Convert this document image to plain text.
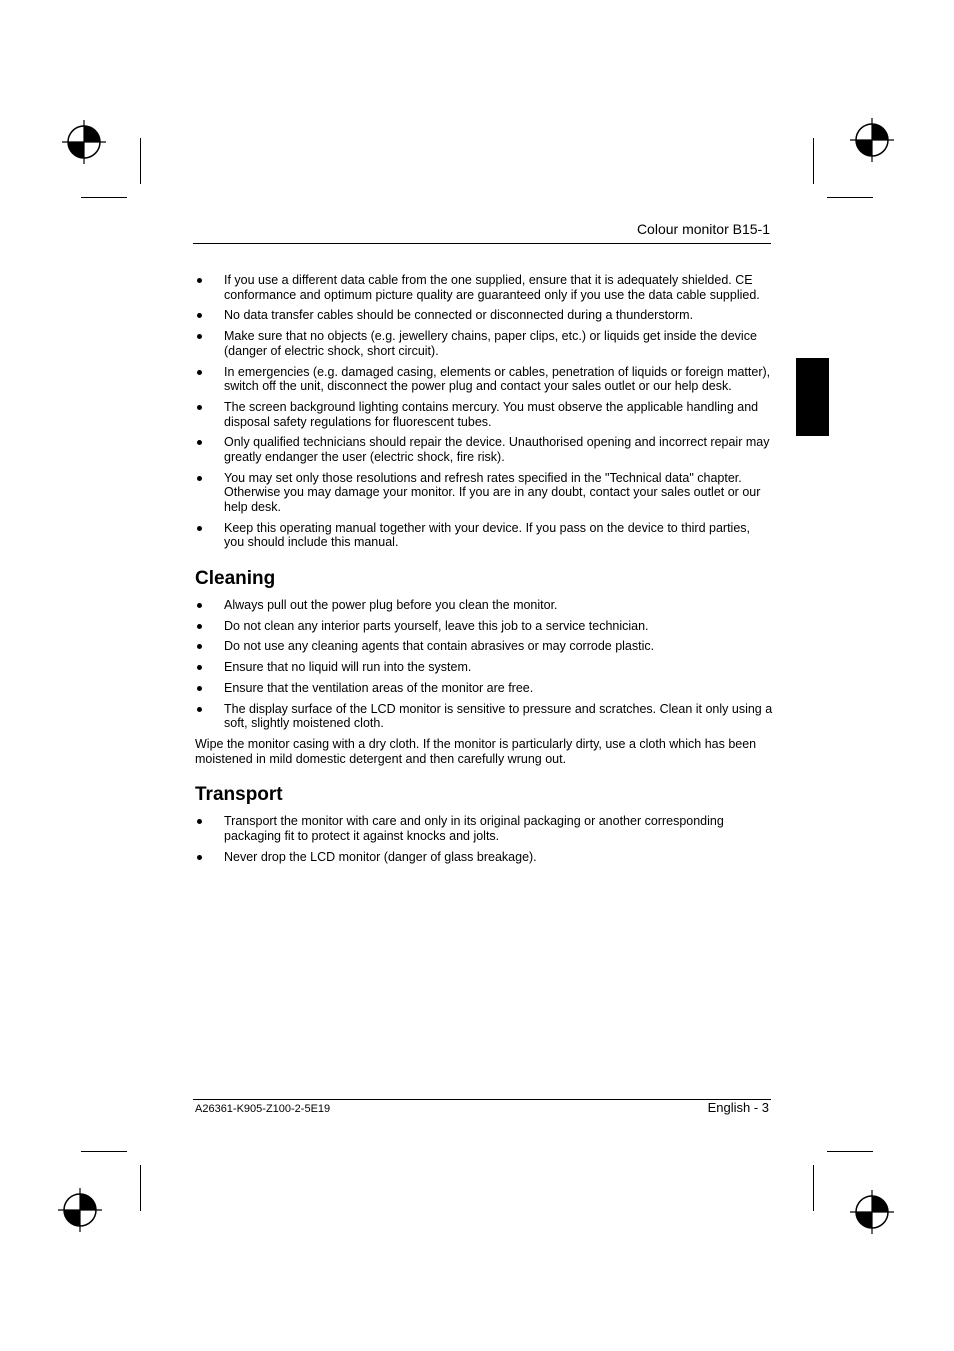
Colour monitor B15-1
If you use a different data cable from the one supplied, ensure that it is adequately shielded. CE conformance and optimum picture quality are guaranteed only if you use the data cable supplied.
No data transfer cables should be connected or disconnected during a thunderstorm.
Make sure that no objects (e.g. jewellery chains, paper clips, etc.) or liquids get inside the device (danger of electric shock, short circuit).
In emergencies (e.g. damaged casing, elements or cables, penetration of liquids or foreign matter), switch off the unit, disconnect the power plug and contact your sales outlet or our help desk.
The screen background lighting contains mercury. You must observe the applicable handling and disposal safety regulations for fluorescent tubes.
Only qualified technicians should repair the device. Unauthorised opening and incorrect repair may greatly endanger the user (electric shock, fire risk).
You may set only those resolutions and refresh rates specified in the "Technical data" chapter. Otherwise you may damage your monitor. If you are in any doubt, contact your sales outlet or our help desk.
Keep this operating manual together with your device. If you pass on the device to third parties, you should include this manual.
Cleaning
Always pull out the power plug before you clean the monitor.
Do not clean any interior parts yourself, leave this job to a service technician.
Do not use any cleaning agents that contain abrasives or may corrode plastic.
Ensure that no liquid will run into the system.
Ensure that the ventilation areas of the monitor are free.
The display surface of the LCD monitor is sensitive to pressure and scratches. Clean it only using a soft, slightly moistened cloth.

Wipe the monitor casing with a dry cloth. If the monitor is particularly dirty, use a cloth which has been moistened in mild domestic detergent and then carefully wrung out.

Transport
Transport the monitor with care and only in its original packaging or another corresponding packaging fit to protect it against knocks and jolts.
Never drop the LCD monitor (danger of glass breakage).
A26361-K905-Z100-2-5E19	English - 3
